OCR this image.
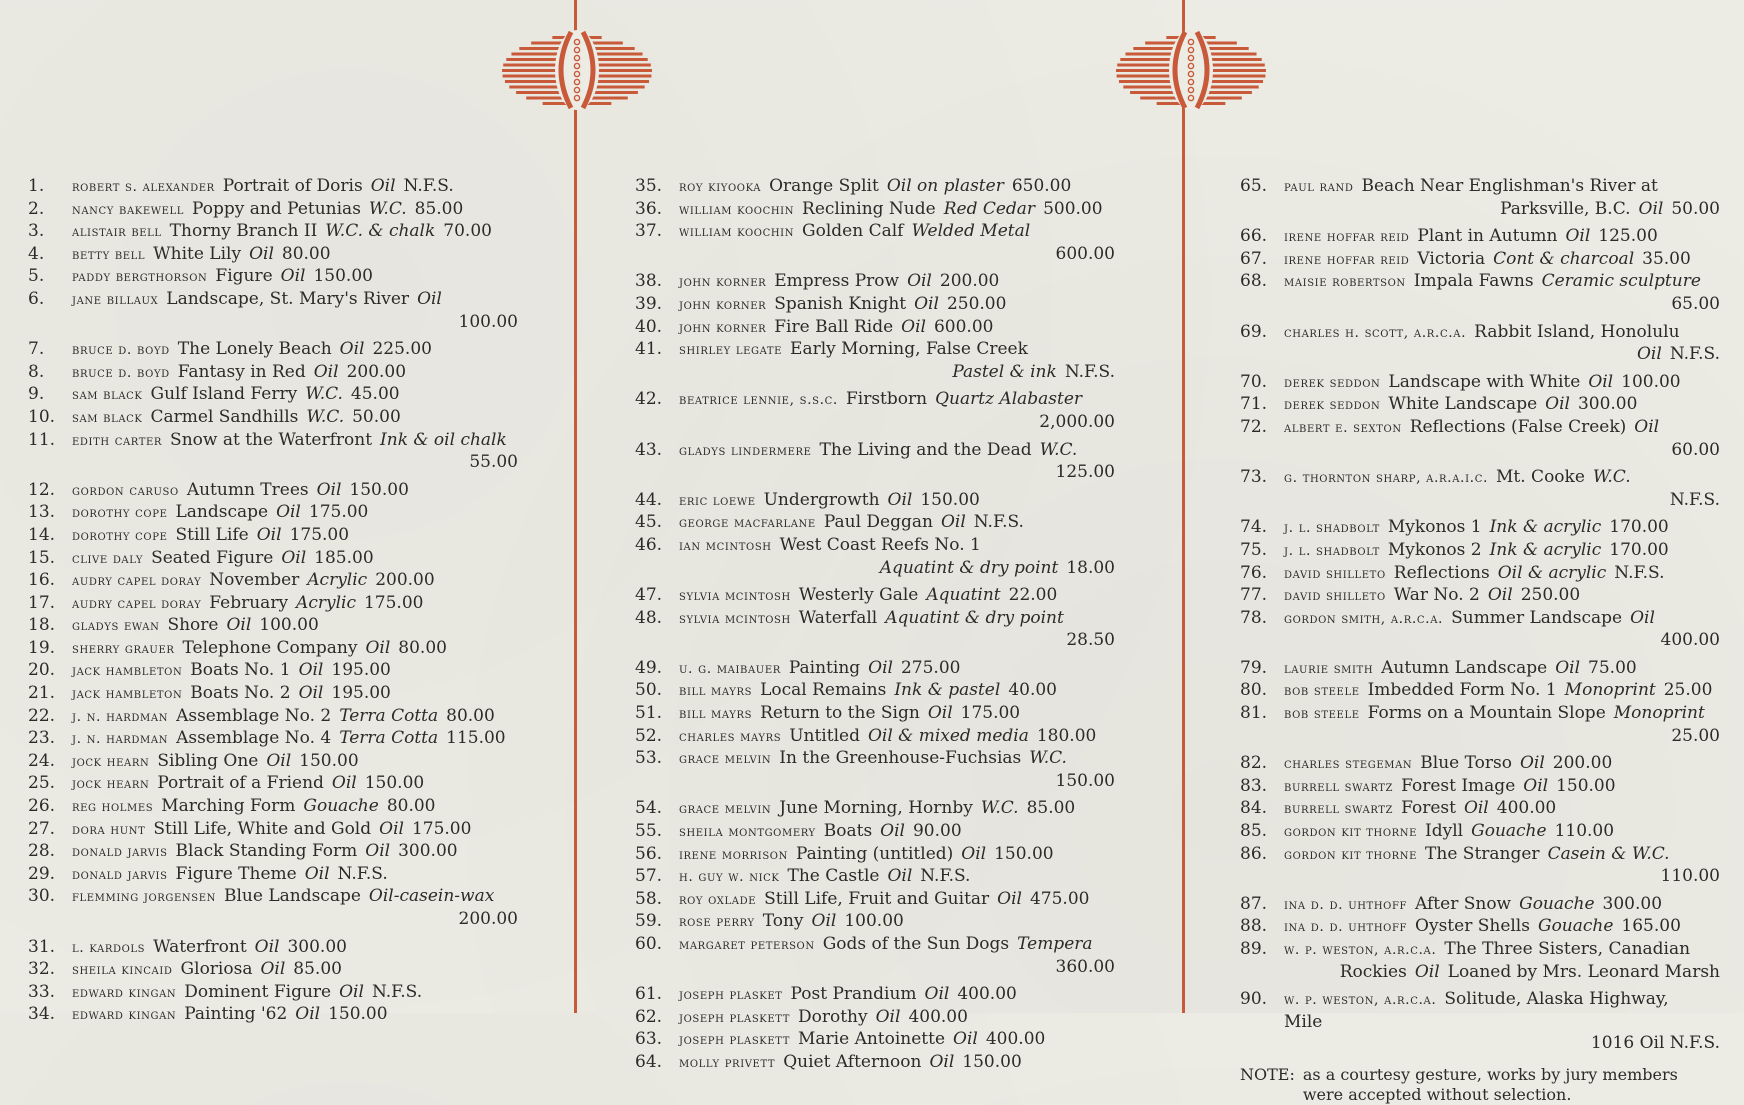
1.	robert s. alexander Portrait of Doris Oil N.F.S.
2.	nancy bakewell Poppy and Petunias W.C. 85.00
3.	alistair bell Thorny Branch II W.C. & chalk 70.00
4.	betty bell White Lily Oil 80.00
5.	paddy bergthorson Figure Oil 150.00
6.	jane billaux Landscape, St. Mary's River Oil
100.00
7.	bruce d. boyd The Lonely Beach Oil 225.00
8.	bruce d. boyd Fantasy in Red Oil 200.00
9.	sam black Gulf Island Ferry W.C. 45.00
10.	sam black Carmel Sandhills W.C. 50.00
11.	edith carter Snow at the Waterfront Ink & oil chalk
55.00
12.	gordon caruso Autumn Trees Oil 150.00
13.	dorothy cope Landscape Oil 175.00
14.	dorothy cope Still Life Oil 175.00
15.	clive daly Seated Figure Oil 185.00
16.	audry capel doray November Acrylic 200.00
17.	audry capel doray February Acrylic 175.00
18.	gladys ewan Shore Oil 100.00
19.	sherry grauer Telephone Company Oil 80.00
20.	jack hambleton Boats No. 1 Oil 195.00
21.	jack hambleton Boats No. 2 Oil 195.00
22.	j. n. hardman Assemblage No. 2 Terra Cotta 80.00
23.	j. n. hardman Assemblage No. 4 Terra Cotta 115.00
24.	jock hearn Sibling One Oil 150.00
25.	jock hearn Portrait of a Friend Oil 150.00
26.	reg holmes Marching Form Gouache 80.00
27.	dora hunt Still Life, White and Gold Oil 175.00
28.	donald jarvis Black Standing Form Oil 300.00
29.	donald jarvis Figure Theme Oil N.F.S.
30.	flemming jorgensen Blue Landscape Oil-casein-wax
200.00
31.	l. kardols Waterfront Oil 300.00
32.	sheila kincaid Gloriosa Oil 85.00
33.	edward kingan Dominent Figure Oil N.F.S.
34.	edward kingan Painting '62 Oil 150.00
35.	roy kiyooka Orange Split Oil on plaster 650.00
36.	william koochin Reclining Nude Red Cedar 500.00
37.	william koochin Golden Calf Welded Metal
600.00
38.	john korner Empress Prow Oil 200.00
39.	john korner Spanish Knight Oil 250.00
40.	john korner Fire Ball Ride Oil 600.00
41.	shirley legate Early Morning, False Creek
Pastel & ink N.F.S.
42.	beatrice lennie, s.s.c. Firstborn Quartz Alabaster
2,000.00
43.	gladys lindermere The Living and the Dead W.C.
125.00
44.	eric loewe Undergrowth Oil 150.00
45.	george macfarlane Paul Deggan Oil N.F.S.
46.	ian mcintosh West Coast Reefs No. 1
Aquatint & dry point 18.00
47.	sylvia mcintosh Westerly Gale Aquatint 22.00
48.	sylvia mcintosh Waterfall Aquatint & dry point
28.50
49.	u. g. maibauer Painting Oil 275.00
50.	bill mayrs Local Remains Ink & pastel 40.00
51.	bill mayrs Return to the Sign Oil 175.00
52.	charles mayrs Untitled Oil & mixed media 180.00
53.	grace melvin In the Greenhouse-Fuchsias W.C.
150.00
54.	grace melvin June Morning, Hornby W.C. 85.00
55.	sheila montgomery Boats Oil 90.00
56.	irene morrison Painting (untitled) Oil 150.00
57.	h. guy w. nick The Castle Oil N.F.S.
58.	roy oxlade Still Life, Fruit and Guitar Oil 475.00
59.	rose perry Tony Oil 100.00
60.	margaret peterson Gods of the Sun Dogs Tempera
360.00
61.	joseph plasket Post Prandium Oil 400.00
62.	joseph plaskett Dorothy Oil 400.00
63.	joseph plaskett Marie Antoinette Oil 400.00
64.	molly privett Quiet Afternoon Oil 150.00
65.	paul rand Beach Near Englishman's River at
Parksville, B.C. Oil 50.00
66.	irene hoffar reid Plant in Autumn Oil 125.00
67.	irene hoffar reid Victoria Cont & charcoal 35.00
68.	maisie robertson Impala Fawns Ceramic sculpture
65.00
69.	charles h. scott, a.r.c.a. Rabbit Island, Honolulu
Oil N.F.S.
70.	derek seddon Landscape with White Oil 100.00
71.	derek seddon White Landscape Oil 300.00
72.	albert e. sexton Reflections (False Creek) Oil
60.00
73.	g. thornton sharp, a.r.a.i.c. Mt. Cooke W.C.
N.F.S.
74.	j. l. shadbolt Mykonos 1 Ink & acrylic 170.00
75.	j. l. shadbolt Mykonos 2 Ink & acrylic 170.00
76.	david shilleto Reflections Oil & acrylic N.F.S.
77.	david shilleto War No. 2 Oil 250.00
78.	gordon smith, a.r.c.a. Summer Landscape Oil
400.00
79.	laurie smith Autumn Landscape Oil 75.00
80.	bob steele Imbedded Form No. 1 Monoprint 25.00
81.	bob steele Forms on a Mountain Slope Monoprint
25.00
82.	charles stegeman Blue Torso Oil 200.00
83.	burrell swartz Forest Image Oil 150.00
84.	burrell swartz Forest Oil 400.00
85.	gordon kit thorne Idyll Gouache 110.00
86.	gordon kit thorne The Stranger Casein & W.C.
110.00
87.	ina d. d. uhthoff After Snow Gouache 300.00
88.	ina d. d. uhthoff Oyster Shells Gouache 165.00
89.	w. p. weston, a.r.c.a. The Three Sisters, Canadian
Rockies Oil Loaned by Mrs. Leonard Marsh
90.	w. p. weston, a.r.c.a. Solitude, Alaska Highway, Mile
1016 Oil N.F.S.
NOTE: as a courtesy gesture, works by jury members were accepted without selection.
